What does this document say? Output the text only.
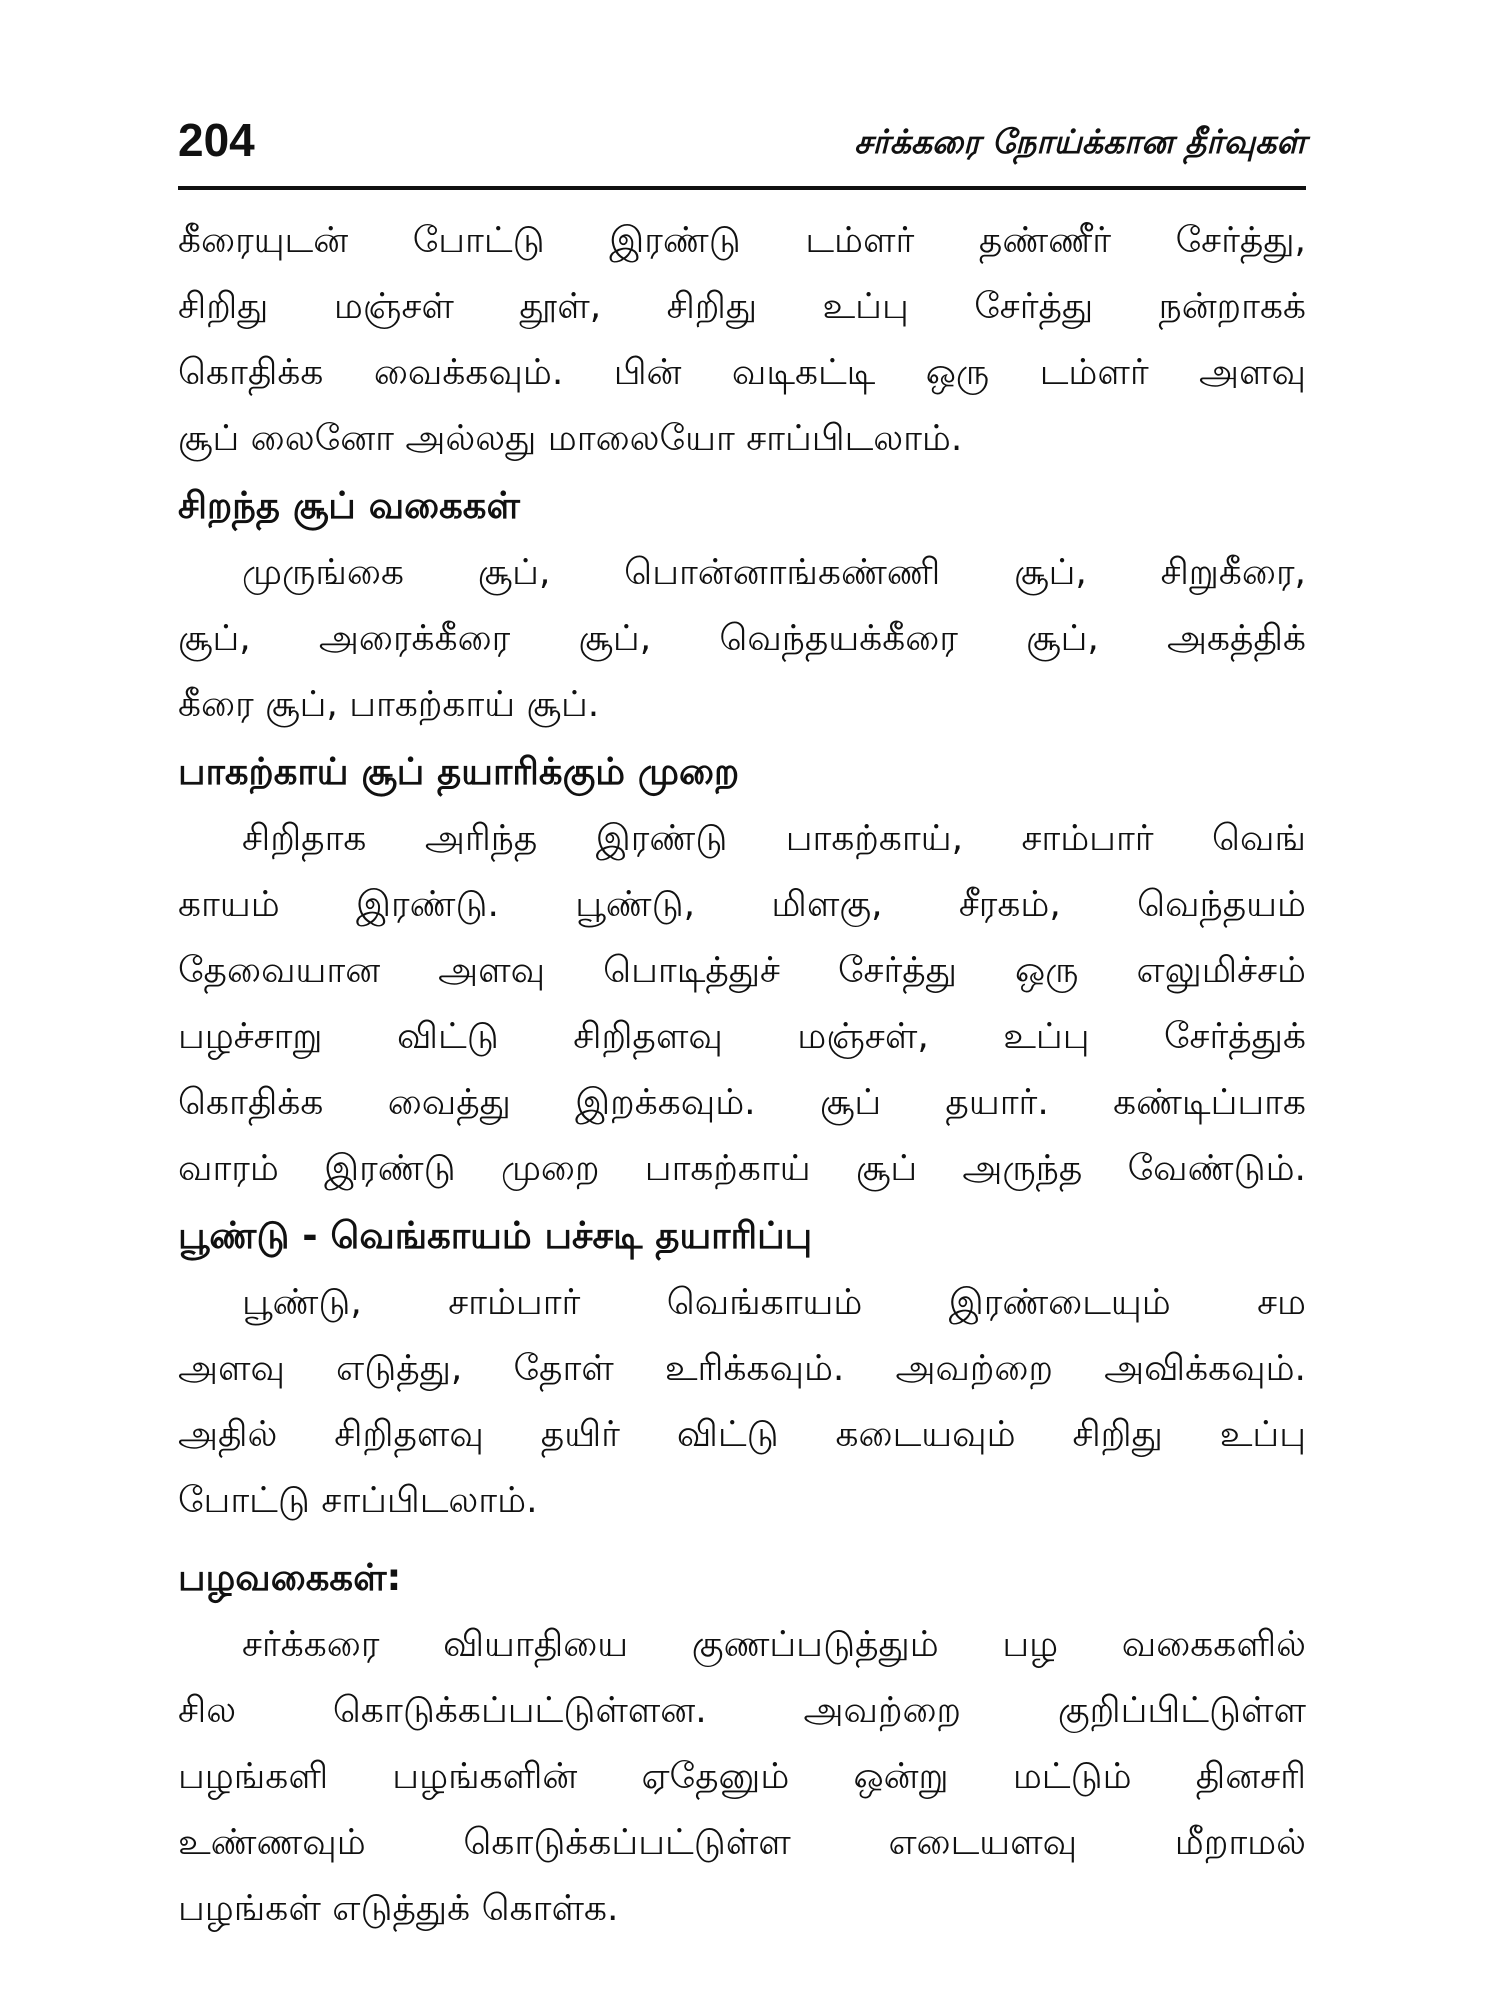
204	சர்க்கரை நோய்க்கான தீர்வுகள்
கீரையுடன் போட்டு இரண்டு டம்ளர் தண்ணீர் சேர்த்து,
சிறிது மஞ்சள் தூள், சிறிது உப்பு சேர்த்து நன்றாகக்
கொதிக்க வைக்கவும். பின் வடிகட்டி ஒரு டம்ளர் அளவு
சூப் லைனோ அல்லது மாலையோ சாப்பிடலாம்.
சிறந்த சூப் வகைகள்
முருங்கை சூப், பொன்னாங்கண்ணி சூப், சிறுகீரை,
சூப், அரைக்கீரை சூப், வெந்தயக்கீரை சூப், அகத்திக்
கீரை சூப், பாகற்காய் சூப்.
பாகற்காய் சூப் தயாரிக்கும் முறை
சிறிதாக அரிந்த இரண்டு பாகற்காய், சாம்பார் வெங்
காயம் இரண்டு. பூண்டு, மிளகு, சீரகம், வெந்தயம்
தேவையான அளவு பொடித்துச் சேர்த்து ஒரு எலுமிச்சம்
பழச்சாறு விட்டு சிறிதளவு மஞ்சள், உப்பு சேர்த்துக்
கொதிக்க வைத்து இறக்கவும். சூப் தயார். கண்டிப்பாக
வாரம் இரண்டு முறை பாகற்காய் சூப் அருந்த வேண்டும்.
பூண்டு - வெங்காயம் பச்சடி தயாரிப்பு
பூண்டு, சாம்பார் வெங்காயம் இரண்டையும் சம
அளவு எடுத்து, தோள் உரிக்கவும். அவற்றை அவிக்கவும்.
அதில் சிறிதளவு தயிர் விட்டு கடையவும் சிறிது உப்பு
போட்டு சாப்பிடலாம்.
பழவகைகள்:
சர்க்கரை வியாதியை குணப்படுத்தும் பழ வகைகளில்
சில கொடுக்கப்பட்டுள்ளன. அவற்றை குறிப்பிட்டுள்ள
பழங்களி பழங்களின் ஏதேனும் ஒன்று மட்டும் தினசரி
உண்ணவும் கொடுக்கப்பட்டுள்ள எடையளவு மீறாமல்
பழங்கள் எடுத்துக் கொள்க.
